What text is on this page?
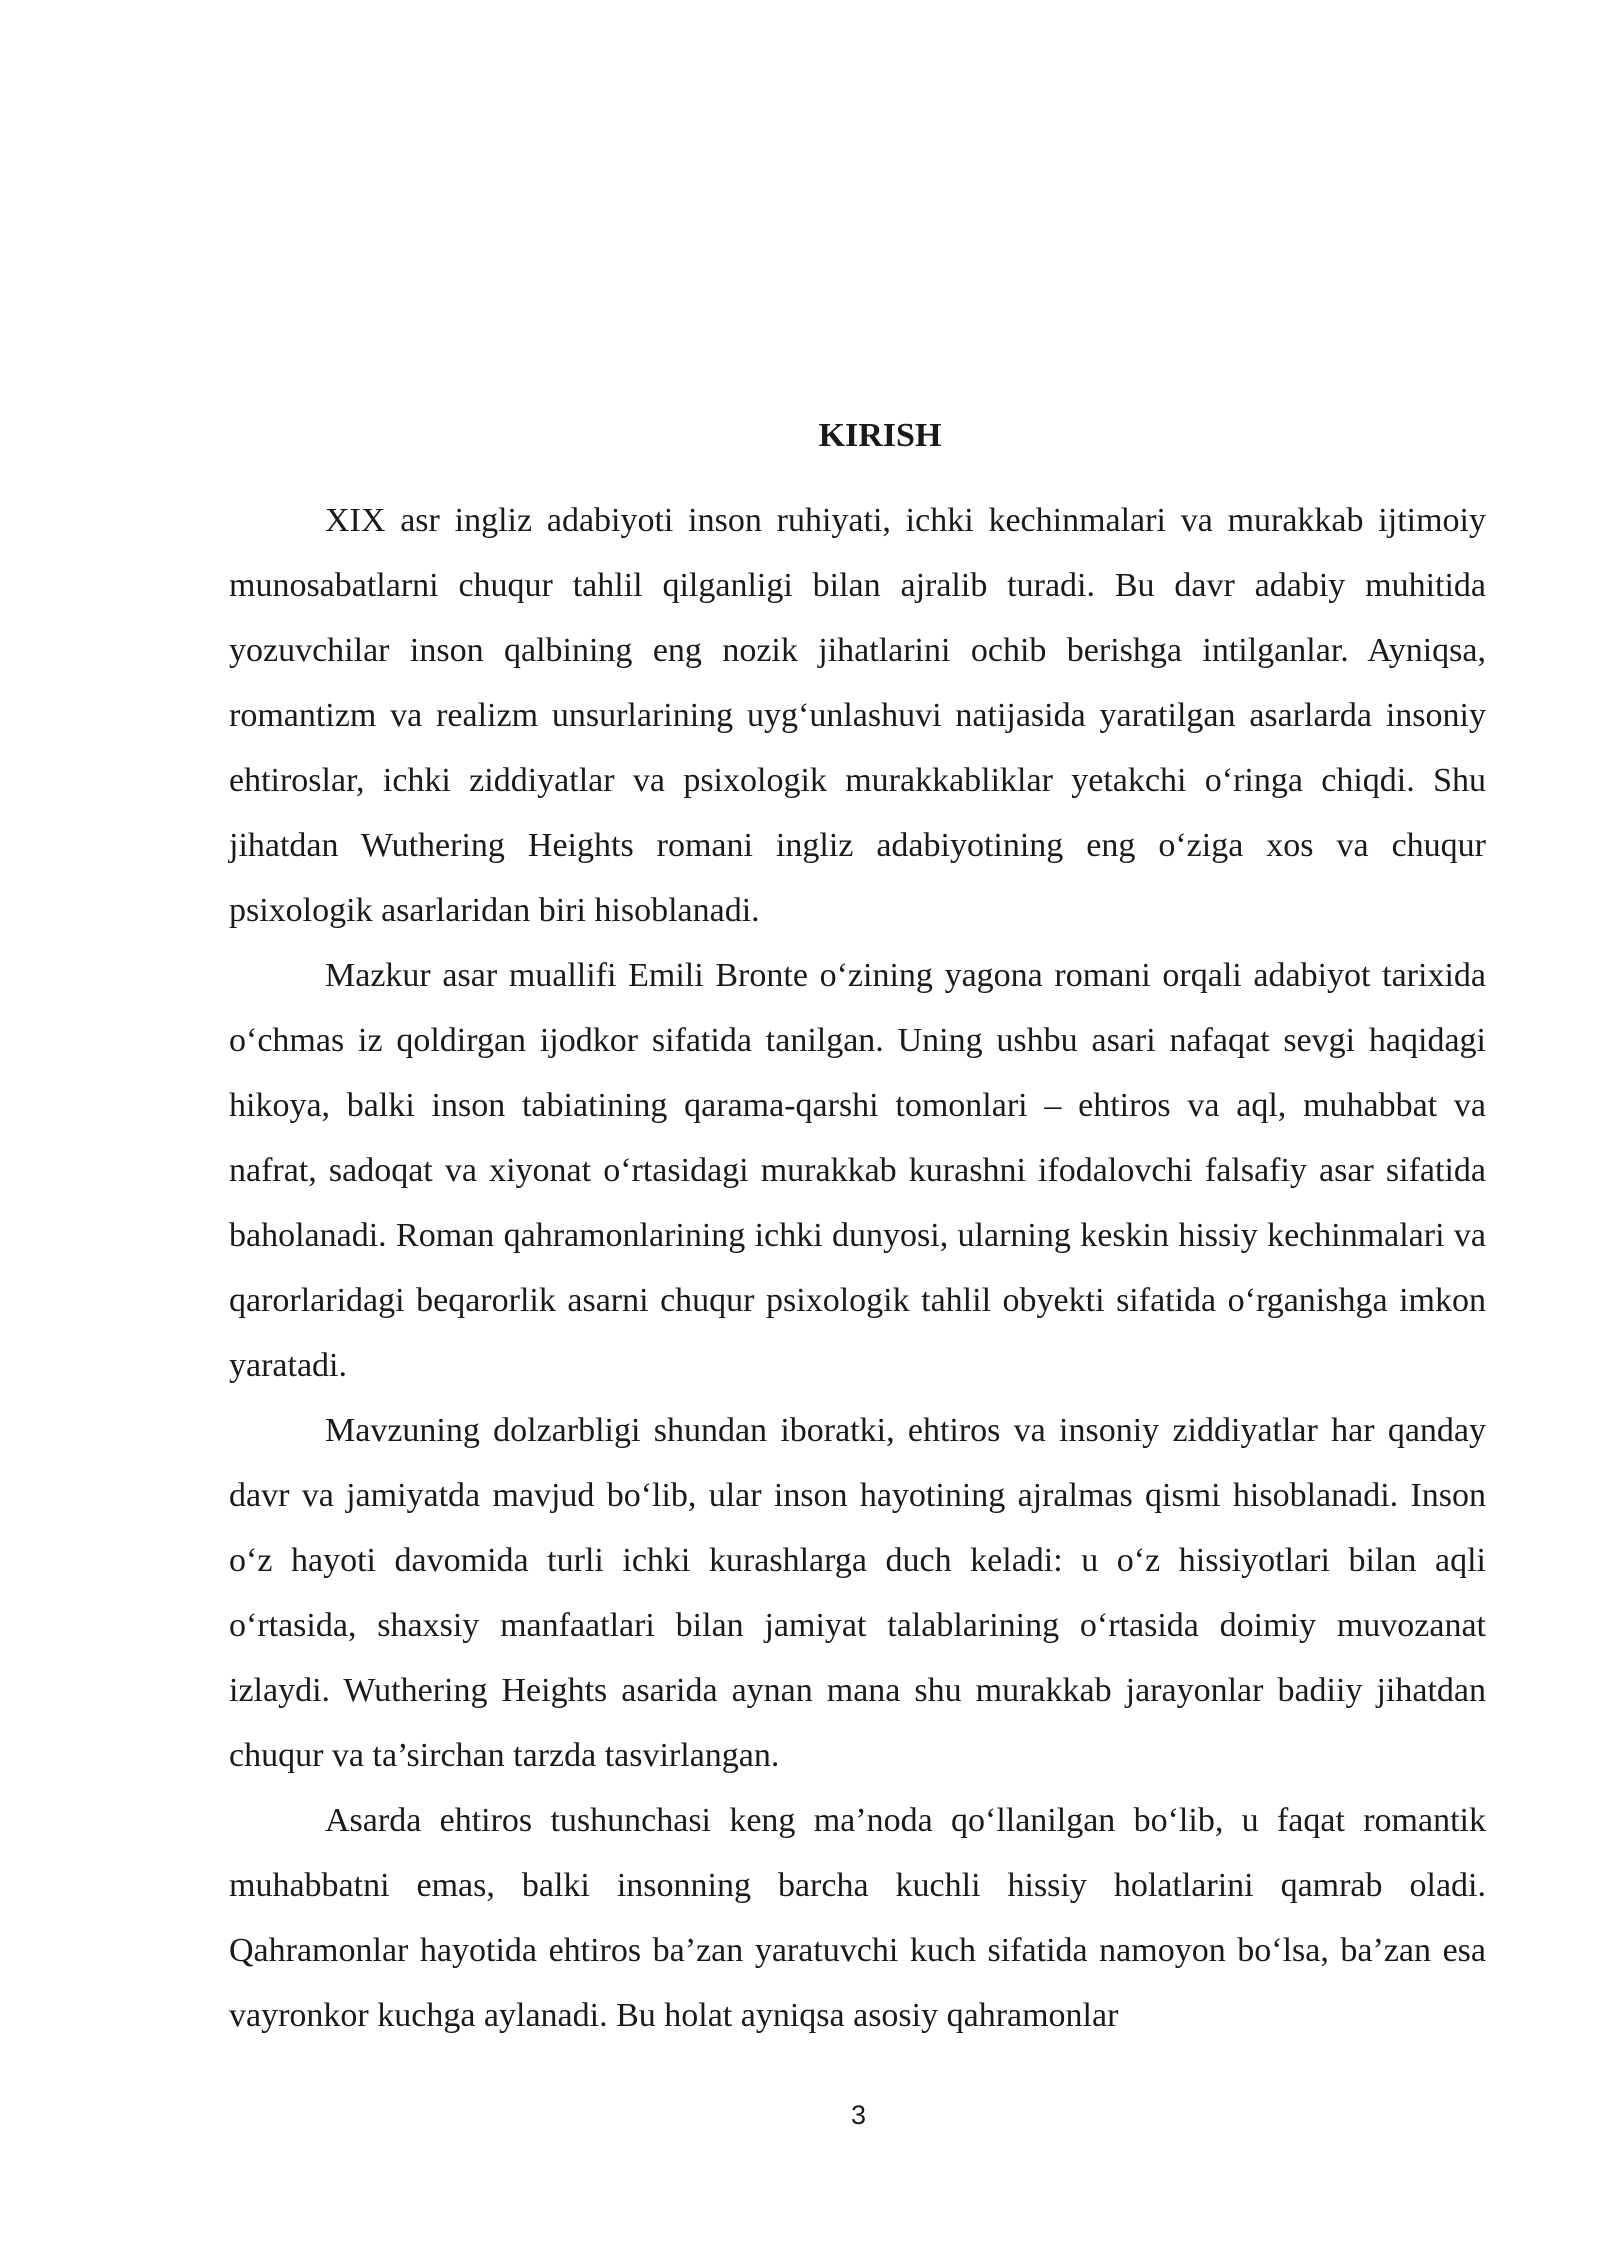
KIRISH

XIX asr ingliz adabiyoti inson ruhiyati, ichki kechinmalari va murakkab ijtimoiy munosabatlarni chuqur tahlil qilganligi bilan ajralib turadi. Bu davr adabiy muhitida yozuvchilar inson qalbining eng nozik jihatlarini ochib berishga intilganlar. Ayniqsa, romantizm va realizm unsurlarining uyg‘unlashuvi natijasida yaratilgan asarlarda insoniy ehtiroslar, ichki ziddiyatlar va psixologik murakkabliklar yetakchi o‘ringa chiqdi. Shu jihatdan Wuthering Heights romani ingliz adabiyotining eng o‘ziga xos va chuqur psixologik asarlaridan biri hisoblanadi.

Mazkur asar muallifi Emili Bronte o‘zining yagona romani orqali adabiyot tarixida o‘chmas iz qoldirgan ijodkor sifatida tanilgan. Uning ushbu asari nafaqat sevgi haqidagi hikoya, balki inson tabiatining qarama-qarshi tomonlari – ehtiros va aql, muhabbat va nafrat, sadoqat va xiyonat o‘rtasidagi murakkab kurashni ifodalovchi falsafiy asar sifatida baholanadi. Roman qahramonlarining ichki dunyosi, ularning keskin hissiy kechinmalari va qarorlaridagi beqarorlik asarni chuqur psixologik tahlil obyekti sifatida o‘rganishga imkon yaratadi.

Mavzuning dolzarbligi shundan iboratki, ehtiros va insoniy ziddiyatlar har qanday davr va jamiyatda mavjud bo‘lib, ular inson hayotining ajralmas qismi hisoblanadi. Inson o‘z hayoti davomida turli ichki kurashlarga duch keladi: u o‘z hissiyotlari bilan aqli o‘rtasida, shaxsiy manfaatlari bilan jamiyat talablarining o‘rtasida doimiy muvozanat izlaydi. Wuthering Heights asarida aynan mana shu murakkab jarayonlar badiiy jihatdan chuqur va ta’sirchan tarzda tasvirlangan.

Asarda ehtiros tushunchasi keng ma’noda qo‘llanilgan bo‘lib, u faqat romantik muhabbatni emas, balki insonning barcha kuchli hissiy holatlarini qamrab oladi. Qahramonlar hayotida ehtiros ba’zan yaratuvchi kuch sifatida namoyon bo‘lsa, ba’zan esa vayronkor kuchga aylanadi. Bu holat ayniqsa asosiy qahramonlar

3
